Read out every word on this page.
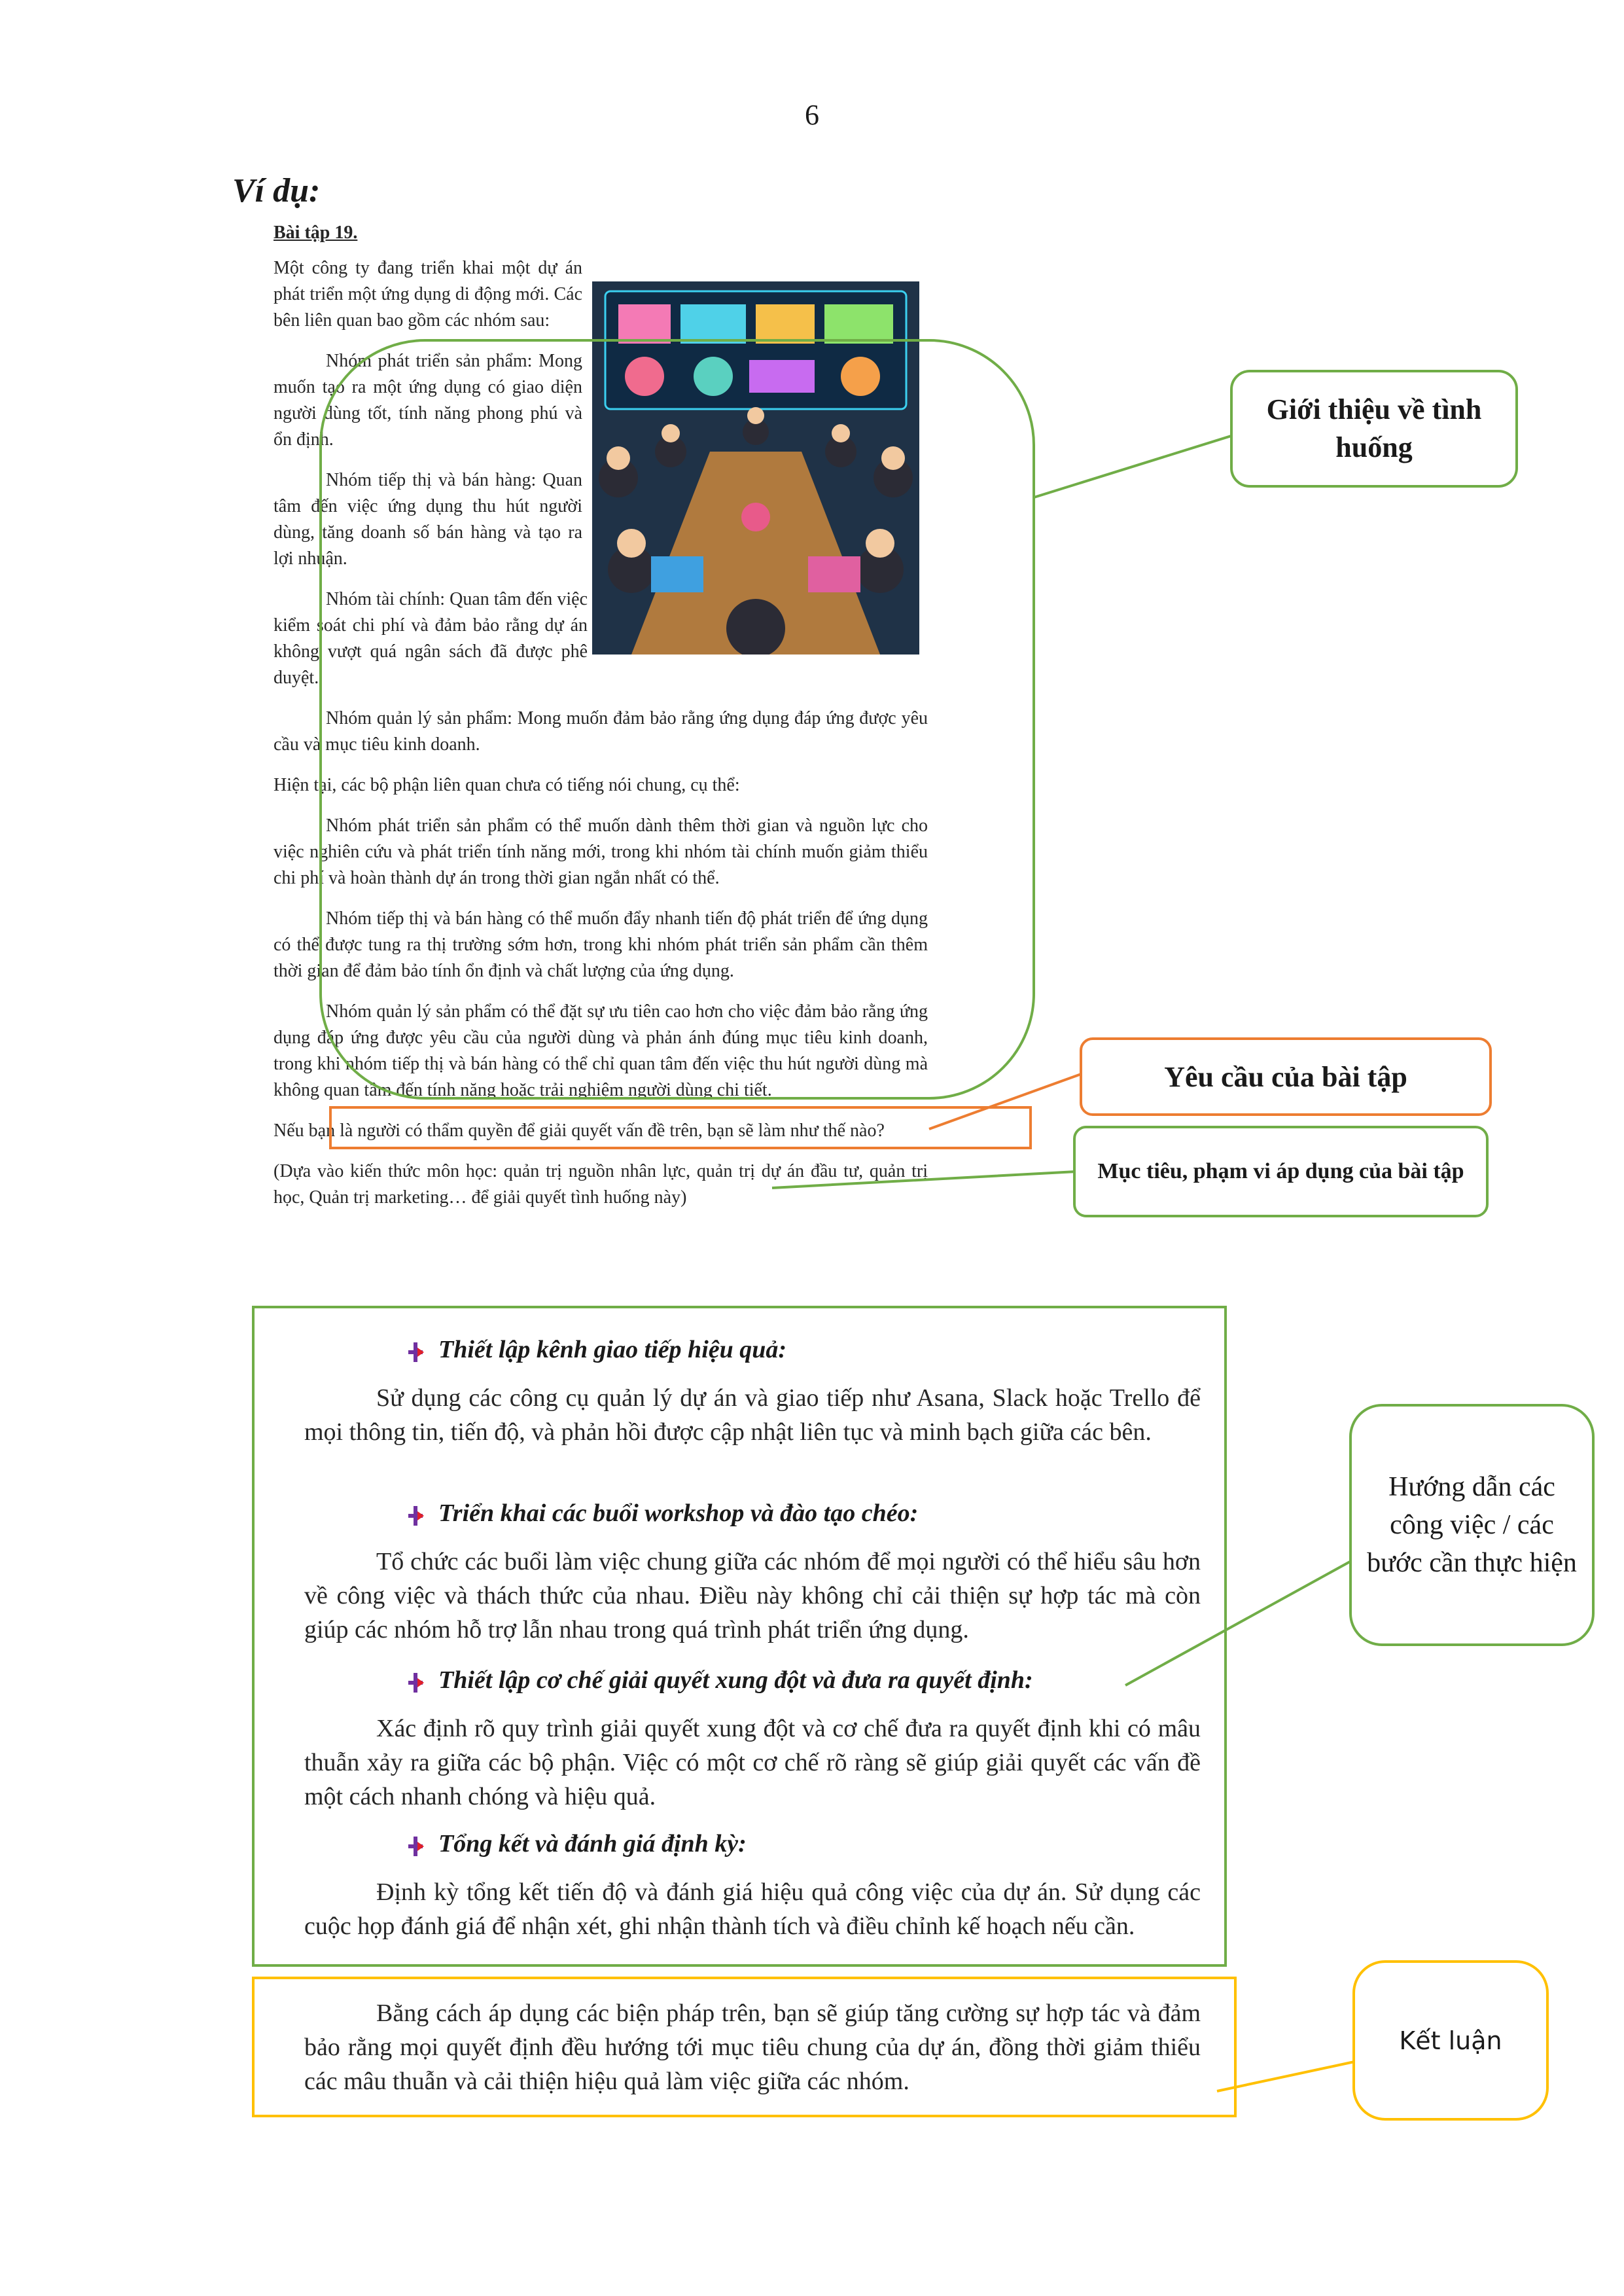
6
Ví dụ:

Bài tập 19.

Một công ty đang triển khai một dự án phát triển một ứng dụng di động mới. Các bên liên quan bao gồm các nhóm sau:

Nhóm phát triển sản phẩm: Mong muốn tạo ra một ứng dụng có giao diện người dùng tốt, tính năng phong phú và ổn định.

Nhóm tiếp thị và bán hàng: Quan tâm đến việc ứng dụng thu hút người dùng, tăng doanh số bán hàng và tạo ra lợi nhuận.

Nhóm tài chính: Quan tâm đến việc kiểm soát chi phí và đảm bảo rằng dự án không vượt quá ngân sách đã được phê duyệt.

Nhóm quản lý sản phẩm: Mong muốn đảm bảo rằng ứng dụng đáp ứng được yêu cầu và mục tiêu kinh doanh.

Hiện tại, các bộ phận liên quan chưa có tiếng nói chung, cụ thể:

Nhóm phát triển sản phẩm có thể muốn dành thêm thời gian và nguồn lực cho việc nghiên cứu và phát triển tính năng mới, trong khi nhóm tài chính muốn giảm thiểu chi phí và hoàn thành dự án trong thời gian ngắn nhất có thể.

Nhóm tiếp thị và bán hàng có thể muốn đẩy nhanh tiến độ phát triển để ứng dụng có thể được tung ra thị trường sớm hơn, trong khi nhóm phát triển sản phẩm cần thêm thời gian để đảm bảo tính ổn định và chất lượng của ứng dụng.

Nhóm quản lý sản phẩm có thể đặt sự ưu tiên cao hơn cho việc đảm bảo rằng ứng dụng đáp ứng được yêu cầu của người dùng và phản ánh đúng mục tiêu kinh doanh, trong khi nhóm tiếp thị và bán hàng có thể chỉ quan tâm đến việc thu hút người dùng mà không quan tâm đến tính năng hoặc trải nghiệm người dùng chi tiết.

Nếu bạn là người có thẩm quyền để giải quyết vấn đề trên, bạn sẽ làm như thế nào?

(Dựa vào kiến thức môn học: quản trị nguồn nhân lực, quản trị dự án đầu tư, quản trị học, Quản trị marketing… để giải quyết tình huống này)

Giới thiệu về tình huống
Yêu cầu của bài tập
Mục tiêu, phạm vi áp dụng của bài tập
Hướng dẫn các công việc / các bước cần thực hiện
Kết luận
Thiết lập kênh giao tiếp hiệu quả:

Sử dụng các công cụ quản lý dự án và giao tiếp như Asana, Slack hoặc Trello để mọi thông tin, tiến độ, và phản hồi được cập nhật liên tục và minh bạch giữa các bên.

Triển khai các buổi workshop và đào tạo chéo:

Tổ chức các buổi làm việc chung giữa các nhóm để mọi người có thể hiểu sâu hơn về công việc và thách thức của nhau. Điều này không chỉ cải thiện sự hợp tác mà còn giúp các nhóm hỗ trợ lẫn nhau trong quá trình phát triển ứng dụng.

Thiết lập cơ chế giải quyết xung đột và đưa ra quyết định:

Xác định rõ quy trình giải quyết xung đột và cơ chế đưa ra quyết định khi có mâu thuẫn xảy ra giữa các bộ phận. Việc có một cơ chế rõ ràng sẽ giúp giải quyết các vấn đề một cách nhanh chóng và hiệu quả.

Tổng kết và đánh giá định kỳ:

Định kỳ tổng kết tiến độ và đánh giá hiệu quả công việc của dự án. Sử dụng các cuộc họp đánh giá để nhận xét, ghi nhận thành tích và điều chỉnh kế hoạch nếu cần.

Bằng cách áp dụng các biện pháp trên, bạn sẽ giúp tăng cường sự hợp tác và đảm bảo rằng mọi quyết định đều hướng tới mục tiêu chung của dự án, đồng thời giảm thiểu các mâu thuẫn và cải thiện hiệu quả làm việc giữa các nhóm.
